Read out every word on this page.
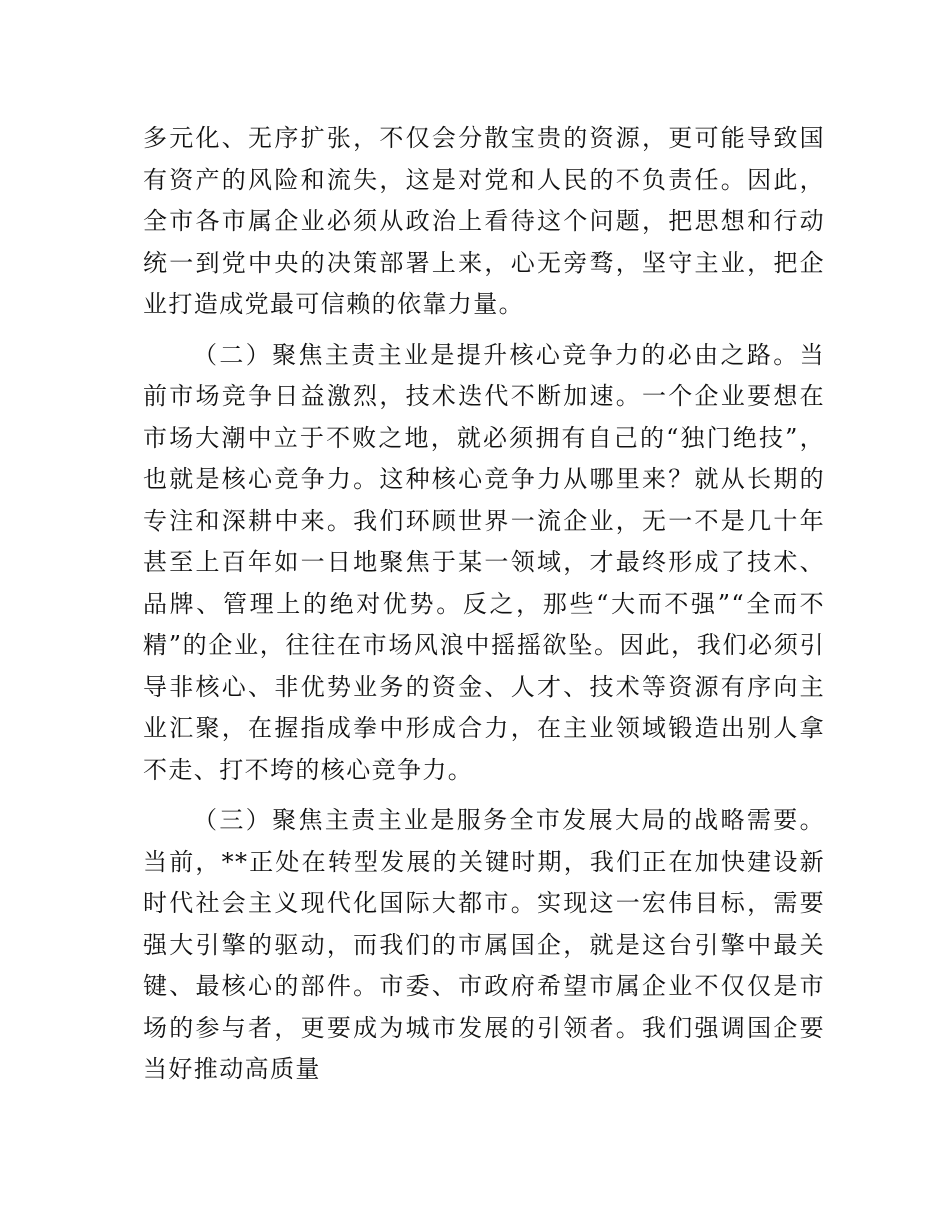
多元化、无序扩张，不仅会分散宝贵的资源，更可能导致国有资产的风险和流失，这是对党和人民的不负责任。因此，全市各市属企业必须从政治上看待这个问题，把思想和行动统一到党中央的决策部署上来，心无旁骛，坚守主业，把企业打造成党最可信赖的依靠力量。

（二）聚焦主责主业是提升核心竞争力的必由之路。当前市场竞争日益激烈，技术迭代不断加速。一个企业要想在市场大潮中立于不败之地，就必须拥有自己的“独门绝技”，也就是核心竞争力。这种核心竞争力从哪里来？就从长期的专注和深耕中来。我们环顾世界一流企业，无一不是几十年甚至上百年如一日地聚焦于某一领域，才最终形成了技术、品牌、管理上的绝对优势。反之，那些“大而不强”“全而不精”的企业，往往在市场风浪中摇摇欲坠。因此，我们必须引导非核心、非优势业务的资金、人才、技术等资源有序向主业汇聚，在握指成拳中形成合力，在主业领域锻造出别人拿不走、打不垮的核心竞争力。

（三）聚焦主责主业是服务全市发展大局的战略需要。当前，**正处在转型发展的关键时期，我们正在加快建设新时代社会主义现代化国际大都市。实现这一宏伟目标，需要强大引擎的驱动，而我们的市属国企，就是这台引擎中最关键、最核心的部件。市委、市政府希望市属企业不仅仅是市场的参与者，更要成为城市发展的引领者。我们强调国企要当好推动高质量
